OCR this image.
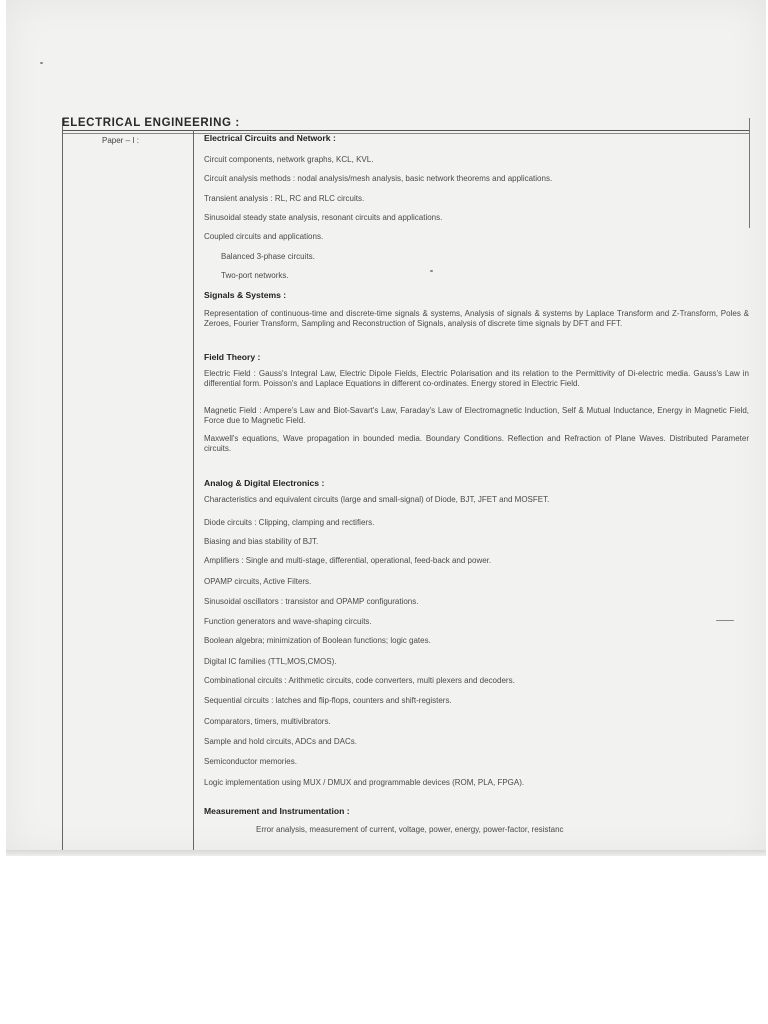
ELECTRICAL ENGINEERING :
Paper – I :	Electrical Circuits and Network :
Circuit components, network graphs, KCL, KVL.
Circuit analysis methods : nodal analysis/mesh analysis, basic network theorems and applications.
Transient analysis : RL, RC and RLC circuits.
Sinusoidal steady state analysis, resonant circuits and applications.
Coupled circuits and applications.
Balanced 3-phase circuits.
Two-port networks.
Signals & Systems :
Representation of continuous-time and discrete-time signals & systems, Analysis of signals & systems by Laplace Transform and Z-Transform, Poles & Zeroes, Fourier Transform, Sampling and Reconstruction of Signals, analysis of discrete time signals by DFT and FFT.
Field Theory :
Electric Field : Gauss's Integral Law, Electric Dipole Fields, Electric Polarisation and its relation to the Permittivity of Di-electric media. Gauss's Law in differential form. Poisson's and Laplace Equations in different co-ordinates. Energy stored in Electric Field.
Magnetic Field : Ampere's Law and Biot-Savart's Law, Faraday's Law of Electromagnetic Induction, Self & Mutual Inductance, Energy in Magnetic Field, Force due to Magnetic Field.
Maxwell's equations, Wave propagation in bounded media. Boundary Conditions. Reflection and Refraction of Plane Waves. Distributed Parameter circuits.
Analog & Digital Electronics :
Characteristics and equivalent circuits (large and small-signal) of Diode, BJT, JFET and MOSFET.
Diode circuits : Clipping, clamping and rectifiers.
Biasing and bias stability of BJT.
Amplifiers : Single and multi-stage, differential, operational, feed-back and power.
OPAMP circuits, Active Filters.
Sinusoidal oscillators : transistor and OPAMP configurations.
Function generators and wave-shaping circuits.
Boolean algebra; minimization of Boolean functions; logic gates.
Digital IC families (TTL,MOS,CMOS).
Combinational circuits : Arithmetic circuits, code converters, multi plexers and decoders.
Sequential circuits : latches and flip-flops, counters and shift-registers.
Comparators, timers, multivibrators.
Sample and hold circuits, ADCs and DACs.
Semiconductor memories.
Logic implementation using MUX / DMUX and programmable devices (ROM, PLA, FPGA).
Measurement and Instrumentation :
Error analysis, measurement of current, voltage, power, energy, power-factor, resistanc
